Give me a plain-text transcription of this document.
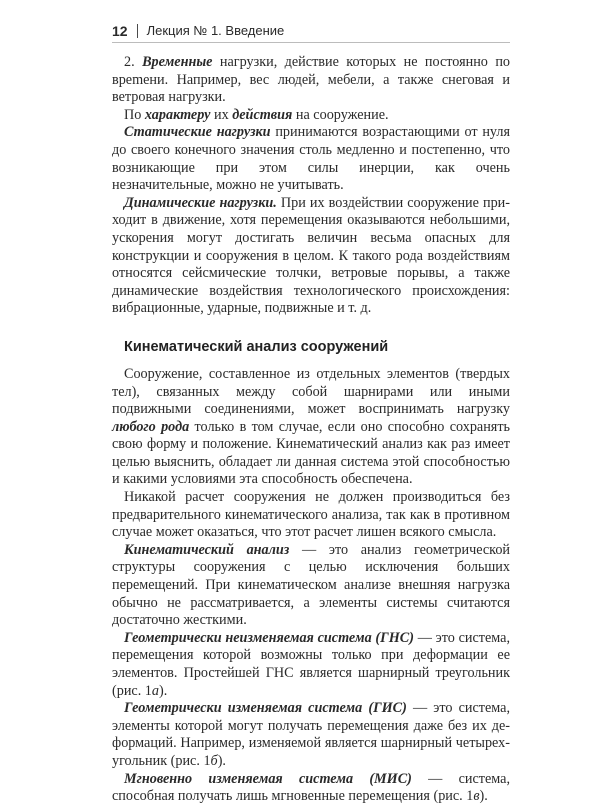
12 Лекция № 1. Введение

2. Временные нагрузки, действие которых не постоянно по вреmени. Например, вес людей, мебели, а также снеговая и ветровая нагрузки.

По характеру их действия на сооружение.

Статические нагрузки принимаются возрастающими от нуля до своего конечного значения столь медленно и постепенно, что возникающие при этом силы инерции, как очень незначительные, можно не учитывать.

Динамические нагрузки. При их воздействии сооружение приходит в движение, хотя перемещения оказываются небольшими, ускорения могут достигать величин весьма опасных для конструкции и сооружения в целом. К такого рода воздействиям относятся сейсмические толчки, ветровые порывы, а также динамические воздействия технологического происхождения: вибрационные, ударные, подвижные и т. д.

Кинематический анализ сооружений

Сооружение, составленное из отдельных элементов (твердых тел), связанных между собой шарнирами или иными подвижными соединениями, может воспринимать нагрузку любого рода только в том случае, если оно способно сохранять свою форму и положение. Кинематический анализ как раз имеет целью выяснить, обладает ли данная система этой способностью и какими условиями эта способность обеспечена.

Никакой расчет сооружения не должен производиться без предварительного кинематического анализа, так как в противном случае может оказаться, что этот расчет лишен всякого смысла.

Кинематический анализ — это анализ геометрической структуры сооружения с целью исключения больших перемещений. При кинематическом анализе внешняя нагрузка обычно не рассматривается, а элементы системы считаются достаточно жесткими.

Геометрически неизменяемая система (ГНС) — это система, перемещения которой возможны только при деформации ее элементов. Простейшей ГНС является шарнирный треугольник (рис. 1а).

Геометрически изменяемая система (ГИС) — это система, элементы которой могут получать перемещения даже без их деформаций. Например, изменяемой является шарнирный четырехугольник (рис. 1б).

Мгновенно изменяемая система (МИС) — система, способная получать лишь мгновенные перемещения (рис. 1в).
